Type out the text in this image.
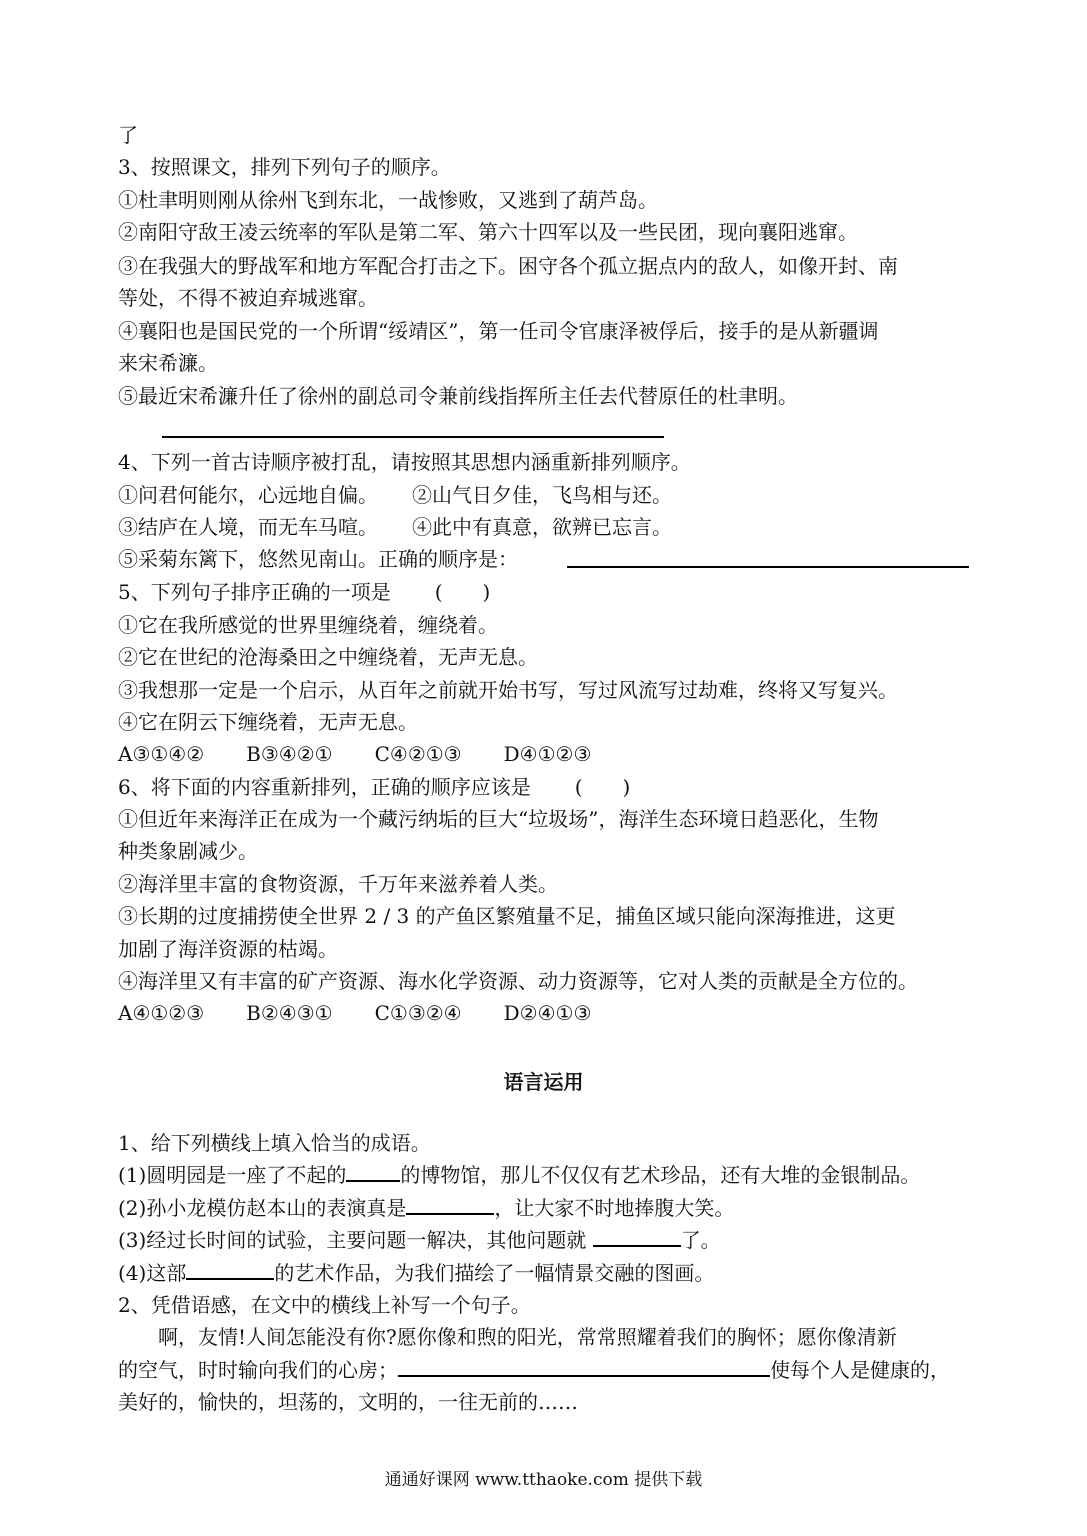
了
3、按照课文，排列下列句子的顺序。
①杜聿明则刚从徐州飞到东北，一战惨败，又逃到了葫芦岛。
②南阳守敌王凌云统率的军队是第二军、第六十四军以及一些民团，现向襄阳逃窜。
③在我强大的野战军和地方军配合打击之下。困守各个孤立据点内的敌人，如像开封、南
等处，不得不被迫弃城逃窜。
④襄阳也是国民党的一个所谓“绥靖区”，第一任司令官康泽被俘后，接手的是从新疆调
来宋希濂。
⑤最近宋希濂升任了徐州的副总司令兼前线指挥所主任去代替原任的杜聿明。
4、下列一首古诗顺序被打乱，请按照其思想内涵重新排列顺序。
①问君何能尔，心远地自偏。 ②山气日夕佳，飞鸟相与还。
③结庐在人境，而无车马喧。 ④此中有真意，欲辨已忘言。
⑤采菊东篱下，悠然见南山。正确的顺序是：
5、下列句子排序正确的一项是 (　　)
①它在我所感觉的世界里缠绕着，缠绕着。
②它在世纪的沧海桑田之中缠绕着，无声无息。
③我想那一定是一个启示，从百年之前就开始书写，写过风流写过劫难，终将又写复兴。
④它在阴云下缠绕着，无声无息。
A③①④② B③④②① C④②①③ D④①②③
6、将下面的内容重新排列，正确的顺序应该是 (　　)
①但近年来海洋正在成为一个藏污纳垢的巨大“垃圾场”，海洋生态环境日趋恶化，生物
种类象剧减少。
②海洋里丰富的食物资源，千万年来滋养着人类。
③长期的过度捕捞使全世界 2 / 3 的产鱼区繁殖量不足，捕鱼区域只能向深海推进，这更
加剧了海洋资源的枯竭。
④海洋里又有丰富的矿产资源、海水化学资源、动力资源等，它对人类的贡献是全方位的。
A④①②③ B②④③① C①③②④ D②④①③
语言运用
1、给下列横线上填入恰当的成语。
(1)圆明园是一座了不起的	的博物馆，那儿不仅仅有艺术珍品，还有大堆的金银制品。
(2)孙小龙模仿赵本山的表演真是	，让大家不时地捧腹大笑。
(3)经过长时间的试验，主要问题一解决，其他问题就	了。
(4)这部	的艺术作品，为我们描绘了一幅情景交融的图画。
2、凭借语感，在文中的横线上补写一个句子。
　　啊，友情!人间怎能没有你?愿你像和煦的阳光，常常照耀着我们的胸怀；愿你像清新
的空气，时时输向我们的心房；	使每个人是健康的，
美好的，愉快的，坦荡的，文明的，一往无前的……
通通好课网 www.tthaoke.com 提供下载
